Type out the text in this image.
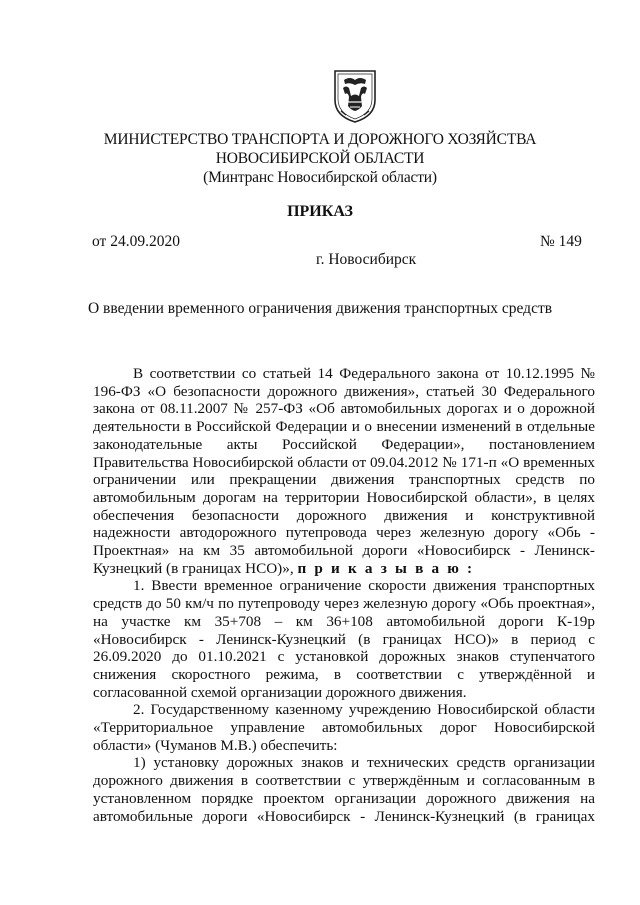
МИНИСТЕРСТВО ТРАНСПОРТА И ДОРОЖНОГО ХОЗЯЙСТВА
НОВОСИБИРСКОЙ ОБЛАСТИ
(Минтранс Новосибирской области)
ПРИКАЗ
от 24.09.2020	№ 149
г. Новосибирск
О введении временного ограничения движения транспортных средств

В соответствии со статьей 14 Федерального закона от 10.12.1995 № 196-ФЗ «О безопасности дорожного движения», статьей 30 Федерального закона от 08.11.2007 № 257-ФЗ «Об автомобильных дорогах и о дорожной деятельности в Российской Федерации и о внесении изменений в отдельные законодательные акты Российской Федерации», постановлением Правительства Новосибирской области от 09.04.2012 № 171-п «О временных ограничении или прекращении движения транспортных средств по автомобильным дорогам на территории Новосибирской области», в целях обеспечения безопасности дорожного движения и конструктивной надежности автодорожного путепровода через железную дорогу «Обь - Проектная» на км 35 автомобильной дороги «Новосибирск - Ленинск-Кузнецкий (в границах НСО)», п р и к а з ы в а ю :

1. Ввести временное ограничение скорости движения транспортных средств до 50 км/ч по путепроводу через железную дорогу «Обь проектная», на участке км 35+708 – км 36+108 автомобильной дороги К-19р «Новосибирск - Ленинск-Кузнецкий (в границах НСО)» в период с 26.09.2020 до 01.10.2021 с установкой дорожных знаков ступенчатого снижения скоростного режима, в соответствии с утверждённой и согласованной схемой организации дорожного движения.

2. Государственному казенному учреждению Новосибирской области «Территориальное управление автомобильных дорог Новосибирской области» (Чуманов М.В.) обеспечить:

1) установку дорожных знаков и технических средств организации дорожного движения в соответствии с утверждённым и согласованным в установленном порядке проектом организации дорожного движения на автомобильные дороги «Новосибирск - Ленинск-Кузнецкий (в границах
